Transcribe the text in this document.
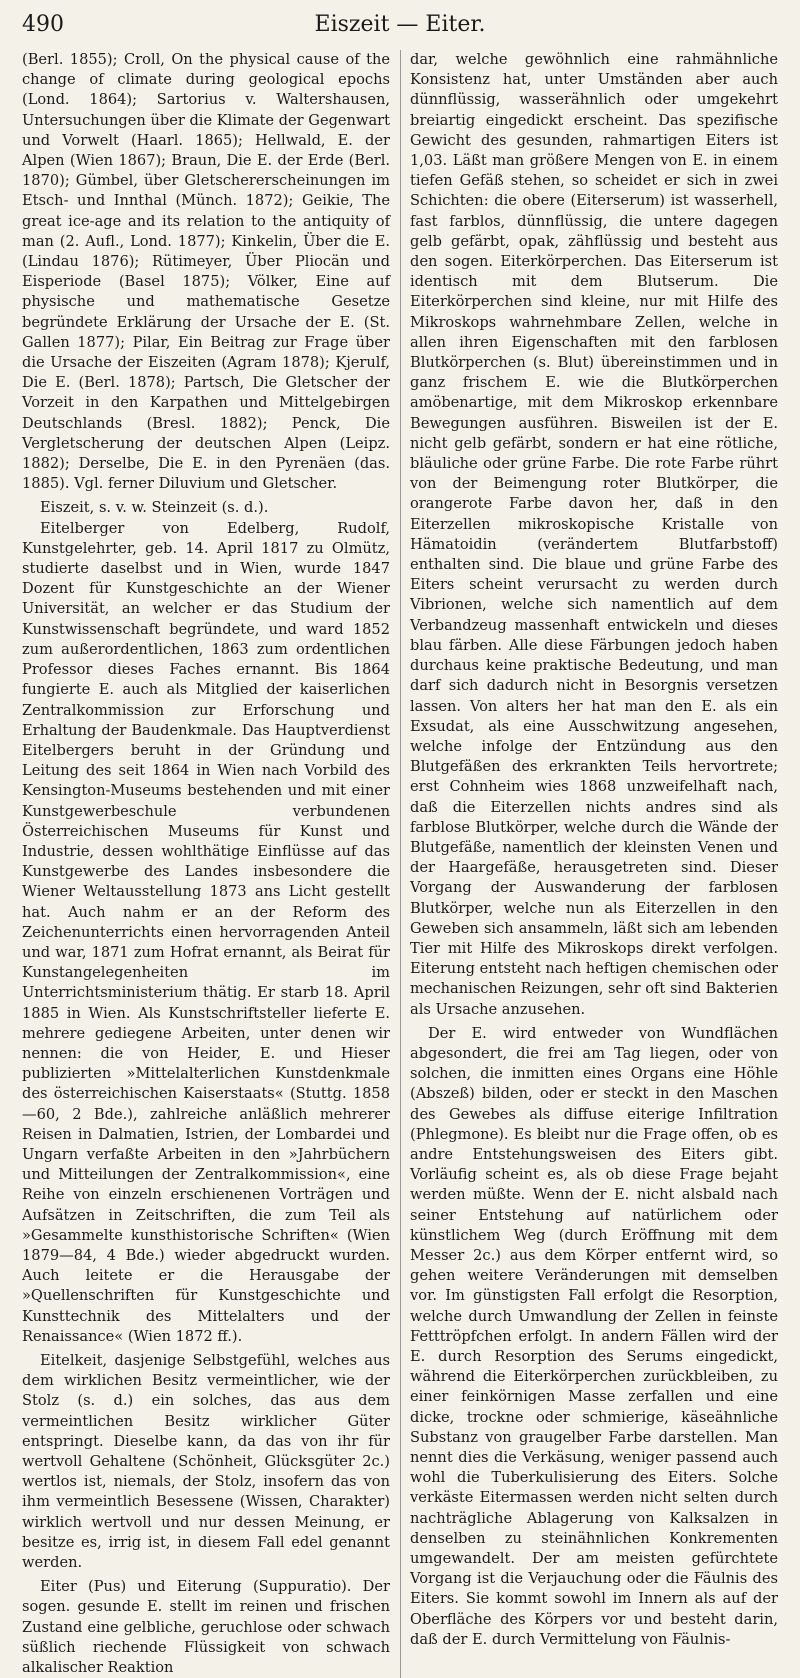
490	Eiszeit — Eiter.

(Berl. 1855); Croll, On the physical cause of the change of climate during geological epochs (Lond. 1864); Sartorius v. Waltershausen, Untersuchungen über die Klimate der Gegenwart und Vorwelt (Haarl. 1865); Hellwald, E. der Alpen (Wien 1867); Braun, Die E. der Erde (Berl. 1870); Gümbel, über Gletschererscheinungen im Etsch- und Innthal (Münch. 1872); Geikie, The great ice-age and its relation to the antiquity of man (2. Aufl., Lond. 1877); Kinkelin, Über die E. (Lindau 1876); Rütimeyer, Über Pliocän und Eisperiode (Basel 1875); Völker, Eine auf physische und mathematische Gesetze begründete Erklärung der Ursache der E. (St. Gallen 1877); Pilar, Ein Beitrag zur Frage über die Ursache der Eiszeiten (Agram 1878); Kjerulf, Die E. (Berl. 1878); Partsch, Die Gletscher der Vorzeit in den Karpathen und Mittelgebirgen Deutschlands (Bresl. 1882); Penck, Die Vergletscherung der deutschen Alpen (Leipz. 1882); Derselbe, Die E. in den Pyrenäen (das. 1885). Vgl. ferner Diluvium und Gletscher.

Eiszeit, s. v. w. Steinzeit (s. d.).

Eitelberger von Edelberg, Rudolf, Kunstgelehrter, geb. 14. April 1817 zu Olmütz, studierte daselbst und in Wien, wurde 1847 Dozent für Kunstgeschichte an der Wiener Universität, an welcher er das Studium der Kunstwissenschaft begründete, und ward 1852 zum außerordentlichen, 1863 zum ordentlichen Professor dieses Faches ernannt. Bis 1864 fungierte E. auch als Mitglied der kaiserlichen Zentralkommission zur Erforschung und Erhaltung der Baudenkmale. Das Hauptverdienst Eitelbergers beruht in der Gründung und Leitung des seit 1864 in Wien nach Vorbild des Kensington-Museums bestehenden und mit einer Kunstgewerbeschule verbundenen Österreichischen Museums für Kunst und Industrie, dessen wohlthätige Einflüsse auf das Kunstgewerbe des Landes insbesondere die Wiener Weltausstellung 1873 ans Licht gestellt hat. Auch nahm er an der Reform des Zeichenunterrichts einen hervorragenden Anteil und war, 1871 zum Hofrat ernannt, als Beirat für Kunstangelegenheiten im Unterrichtsministerium thätig. Er starb 18. April 1885 in Wien. Als Kunstschriftsteller lieferte E. mehrere gediegene Arbeiten, unter denen wir nennen: die von Heider, E. und Hieser publizierten »Mittelalterlichen Kunstdenkmale des österreichischen Kaiserstaats« (Stuttg. 1858—60, 2 Bde.), zahlreiche anläßlich mehrerer Reisen in Dalmatien, Istrien, der Lombardei und Ungarn verfaßte Arbeiten in den »Jahrbüchern und Mitteilungen der Zentralkommission«, eine Reihe von einzeln erschienenen Vorträgen und Aufsätzen in Zeitschriften, die zum Teil als »Gesammelte kunsthistorische Schriften« (Wien 1879—84, 4 Bde.) wieder abgedruckt wurden. Auch leitete er die Herausgabe der »Quellenschriften für Kunstgeschichte und Kunsttechnik des Mittelalters und der Renaissance« (Wien 1872 ff.).

Eitelkeit, dasjenige Selbstgefühl, welches aus dem wirklichen Besitz vermeintlicher, wie der Stolz (s. d.) ein solches, das aus dem vermeintlichen Besitz wirklicher Güter entspringt. Dieselbe kann, da das von ihr für wertvoll Gehaltene (Schönheit, Glücksgüter 2c.) wertlos ist, niemals, der Stolz, insofern das von ihm vermeintlich Besessene (Wissen, Charakter) wirklich wertvoll und nur dessen Meinung, er besitze es, irrig ist, in diesem Fall edel genannt werden.

Eiter (Pus) und Eiterung (Suppuratio). Der sogen. gesunde E. stellt im reinen und frischen Zustand eine gelbliche, geruchlose oder schwach süßlich riechende Flüssigkeit von schwach alkalischer Reaktion

dar, welche gewöhnlich eine rahmähnliche Konsistenz hat, unter Umständen aber auch dünnflüssig, wasserähnlich oder umgekehrt breiartig eingedickt erscheint. Das spezifische Gewicht des gesunden, rahmartigen Eiters ist 1,03. Läßt man größere Mengen von E. in einem tiefen Gefäß stehen, so scheidet er sich in zwei Schichten: die obere (Eiterserum) ist wasserhell, fast farblos, dünnflüssig, die untere dagegen gelb gefärbt, opak, zähflüssig und besteht aus den sogen. Eiterkörperchen. Das Eiterserum ist identisch mit dem Blutserum. Die Eiterkörperchen sind kleine, nur mit Hilfe des Mikroskops wahrnehmbare Zellen, welche in allen ihren Eigenschaften mit den farblosen Blutkörperchen (s. Blut) übereinstimmen und in ganz frischem E. wie die Blutkörperchen amöbenartige, mit dem Mikroskop erkennbare Bewegungen ausführen. Bisweilen ist der E. nicht gelb gefärbt, sondern er hat eine rötliche, bläuliche oder grüne Farbe. Die rote Farbe rührt von der Beimengung roter Blutkörper, die orangerote Farbe davon her, daß in den Eiterzellen mikroskopische Kristalle von Hämatoidin (verändertem Blutfarbstoff) enthalten sind. Die blaue und grüne Farbe des Eiters scheint verursacht zu werden durch Vibrionen, welche sich namentlich auf dem Verbandzeug massenhaft entwickeln und dieses blau färben. Alle diese Färbungen jedoch haben durchaus keine praktische Bedeutung, und man darf sich dadurch nicht in Besorgnis versetzen lassen. Von alters her hat man den E. als ein Exsudat, als eine Ausschwitzung angesehen, welche infolge der Entzündung aus den Blutgefäßen des erkrankten Teils hervortrete; erst Cohnheim wies 1868 unzweifelhaft nach, daß die Eiterzellen nichts andres sind als farblose Blutkörper, welche durch die Wände der Blutgefäße, namentlich der kleinsten Venen und der Haargefäße, herausgetreten sind. Dieser Vorgang der Auswanderung der farblosen Blutkörper, welche nun als Eiterzellen in den Geweben sich ansammeln, läßt sich am lebenden Tier mit Hilfe des Mikroskops direkt verfolgen. Eiterung entsteht nach heftigen chemischen oder mechanischen Reizungen, sehr oft sind Bakterien als Ursache anzusehen.

Der E. wird entweder von Wundflächen abgesondert, die frei am Tag liegen, oder von solchen, die inmitten eines Organs eine Höhle (Abszeß) bilden, oder er steckt in den Maschen des Gewebes als diffuse eiterige Infiltration (Phlegmone). Es bleibt nur die Frage offen, ob es andre Entstehungsweisen des Eiters gibt. Vorläufig scheint es, als ob diese Frage bejaht werden müßte. Wenn der E. nicht alsbald nach seiner Entstehung auf natürlichem oder künstlichem Weg (durch Eröffnung mit dem Messer 2c.) aus dem Körper entfernt wird, so gehen weitere Veränderungen mit demselben vor. Im günstigsten Fall erfolgt die Resorption, welche durch Umwandlung der Zellen in feinste Fetttröpfchen erfolgt. In andern Fällen wird der E. durch Resorption des Serums eingedickt, während die Eiterkörperchen zurückbleiben, zu einer feinkörnigen Masse zerfallen und eine dicke, trockne oder schmierige, käseähnliche Substanz von graugelber Farbe darstellen. Man nennt dies die Verkäsung, weniger passend auch wohl die Tuberkulisierung des Eiters. Solche verkäste Eitermassen werden nicht selten durch nachträgliche Ablagerung von Kalksalzen in denselben zu steinähnlichen Konkrementen umgewandelt. Der am meisten gefürchtete Vorgang ist die Verjauchung oder die Fäulnis des Eiters. Sie kommt sowohl im Innern als auf der Oberfläche des Körpers vor und besteht darin, daß der E. durch Vermittelung von Fäulnis-
